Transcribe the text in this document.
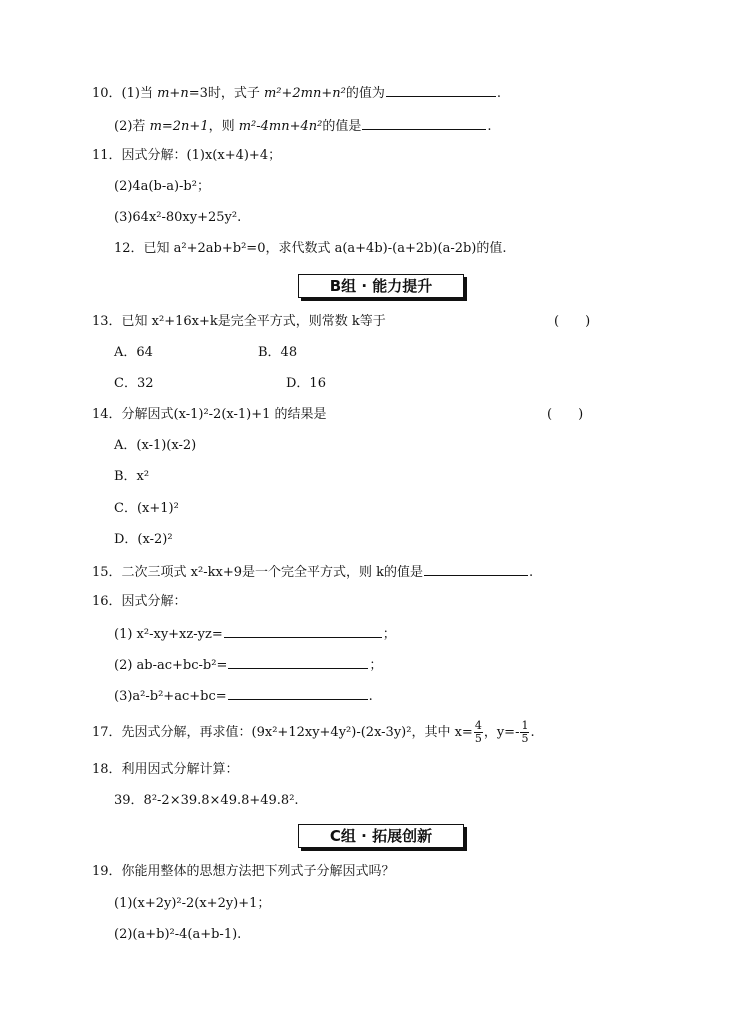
10．(1)当 m+n=3时，式子 m²+2mn+n²的值为	.
(2)若 m=2n+1，则 m²-4mn+4n²的值是	.
11．因式分解：(1)x(x+4)+4；
(2)4a(b-a)-b²；
(3)64x²-80xy+25y².
12．已知 a²+2ab+b²=0，求代数式 a(a+4b)-(a+2b)(a-2b)的值.
B组 · 能力提升
13．已知 x²+16x+k是完全平方式，则常数 k等于	(　　)
A．64	B．48
C．32	D．16
14．分解因式(x-1)²-2(x-1)+1 的结果是	(　　)
A．(x-1)(x-2)
B．x²
C．(x+1)²
D．(x-2)²
15．二次三项式 x²-kx+9是一个完全平方式，则 k的值是	.
16．因式分解：
(1) x²-xy+xz-yz=	；
(2) ab-ac+bc-b²=	；
(3)a²-b²+ac+bc=	.
17．先因式分解，再求值：(9x²+12xy+4y²)-(2x-3y)²，其中 $x= \frac{4}{5}$ ，$y=- \frac{1}{5}$ .
18．利用因式分解计算：
39．8²-2×39.8×49.8+49.8².
C组 · 拓展创新
19．你能用整体的思想方法把下列式子分解因式吗？
(1)(x+2y)²-2(x+2y)+1；
(2)(a+b)²-4(a+b-1).
